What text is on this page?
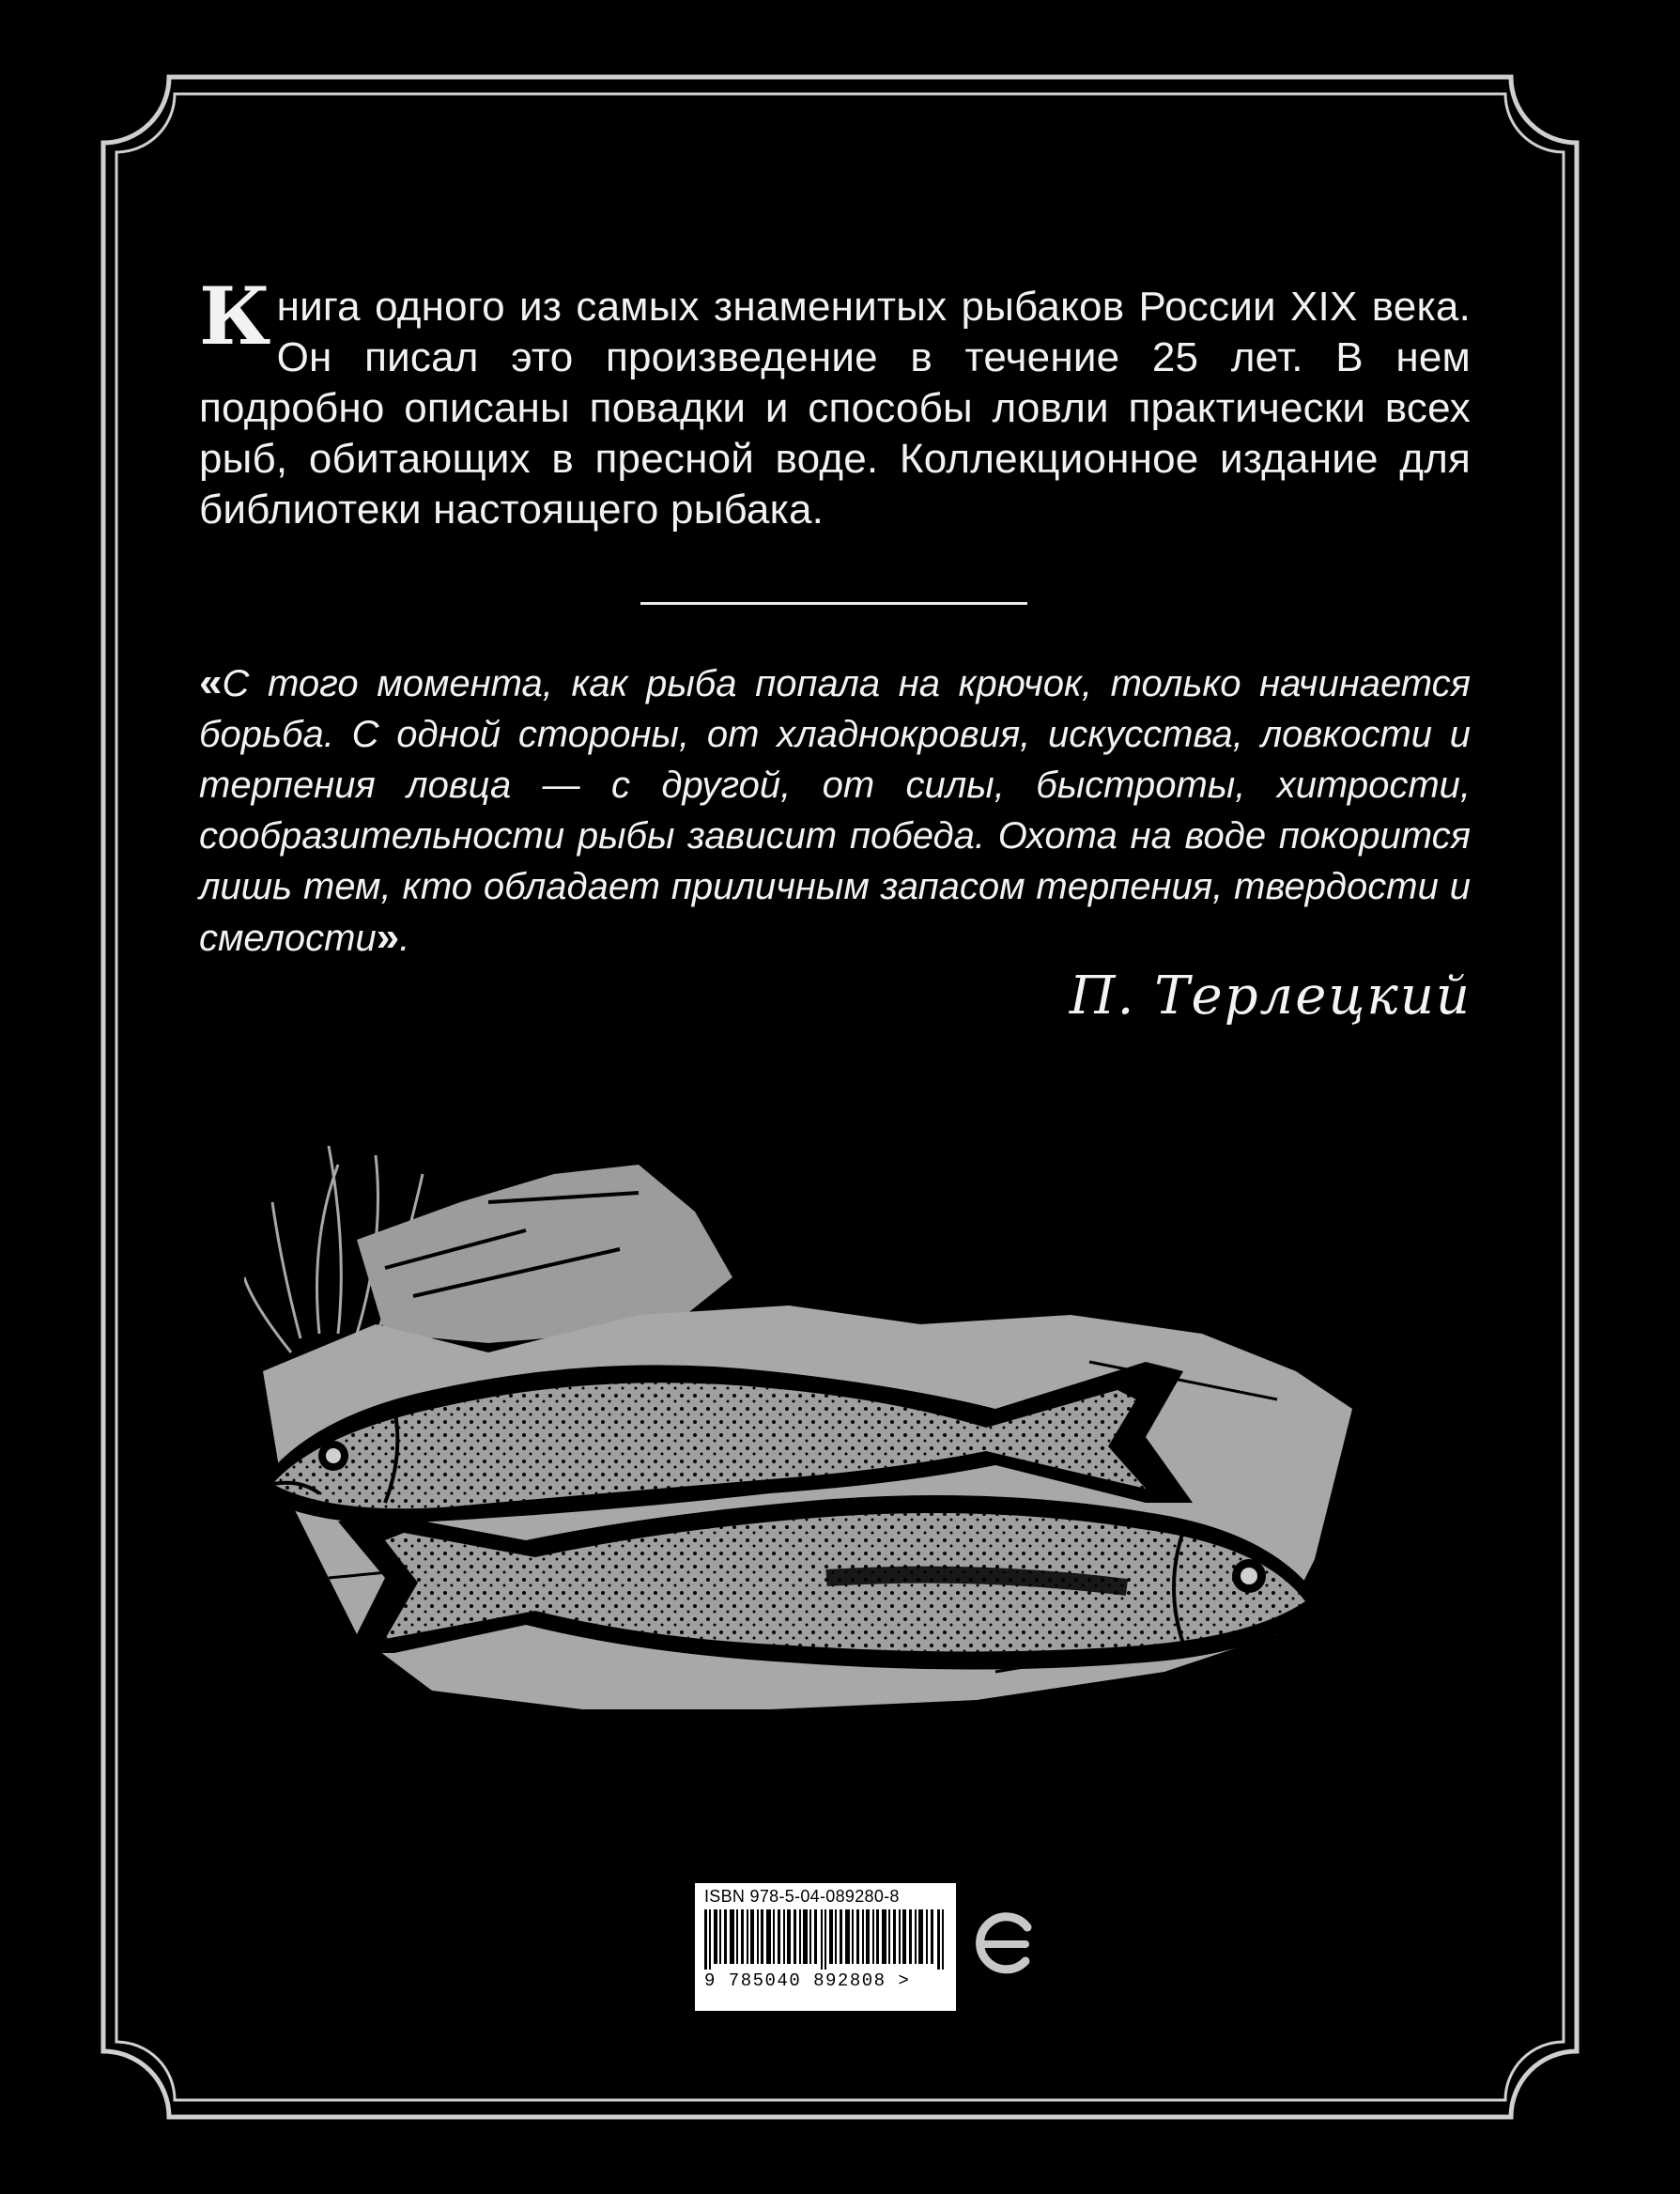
К нига одного из самых знаменитых рыбаков России XIX века. Он писал это произведение в течение 25 лет. В нем подробно описаны повадки и способы ловли практически всех рыб, обитающих в пресной воде. Коллекционное издание для библиотеки настоящего рыбака.
«С того момента, как рыба попала на крючок, только начинается борьба. С одной стороны, от хладнокровия, искусства, ловкости и терпения ловца — с другой, от силы, быстроты, хитрости, сообразительности рыбы зависит победа. Охота на воде покорится лишь тем, кто обладает приличным запасом терпения, твердости и смелости».
П. Терлецкий
ISBN 978-5-04-089280-8
9 785040 892808 >
